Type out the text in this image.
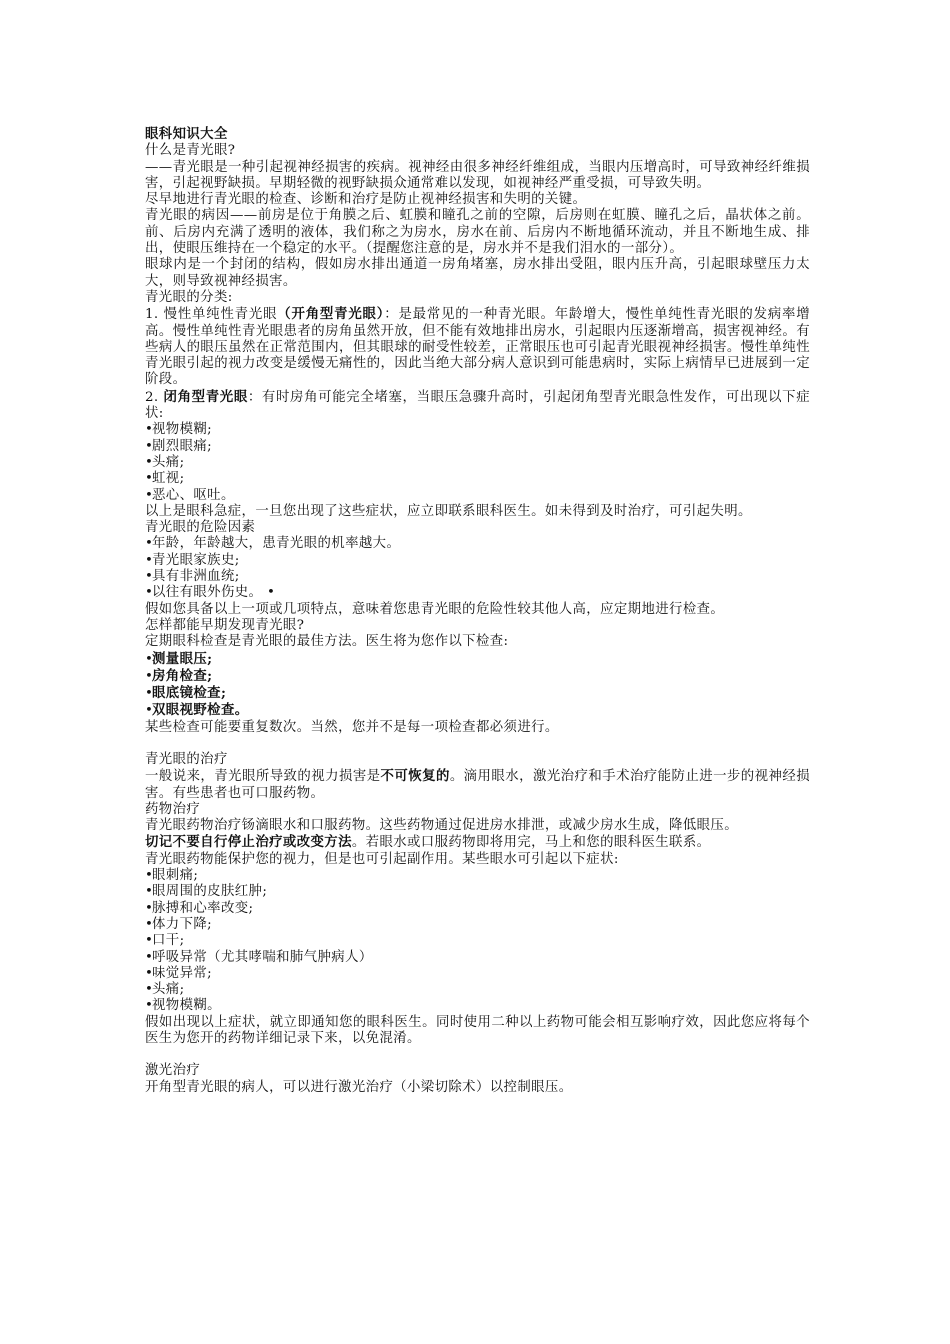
眼科知识大全

什么是青光眼?

——青光眼是一种引起视神经损害的疾病。视神经由很多神经纤维组成，当眼内压增高时，可导致神经纤维损害，引起视野缺损。早期轻微的视野缺损众通常难以发现，如视神经严重受损，可导致失明。

尽早地进行青光眼的检查、诊断和治疗是防止视神经损害和失明的关键。

青光眼的病因——前房是位于角膜之后、虹膜和瞳孔之前的空隙，后房则在虹膜、瞳孔之后，晶状体之前。前、后房内充满了透明的液体，我们称之为房水，房水在前、后房内不断地循环流动，并且不断地生成、排出，使眼压维持在一个稳定的水平。（提醒您注意的是，房水并不是我们泪水的一部分）。

眼球内是一个封闭的结构，假如房水排出通道一房角堵塞，房水排出受阻，眼内压升高，引起眼球壁压力太大，则导致视神经损害。

青光眼的分类:

1. 慢性单纯性青光眼（开角型青光眼）：是最常见的一种青光眼。年龄增大，慢性单纯性青光眼的发病率增高。慢性单纯性青光眼患者的房角虽然开放，但不能有效地排出房水，引起眼内压逐渐增高，损害视神经。有些病人的眼压虽然在正常范围内，但其眼球的耐受性较差，正常眼压也可引起青光眼视神经损害。慢性单纯性青光眼引起的视力改变是缓慢无痛性的，因此当绝大部分病人意识到可能患病时，实际上病情早已进展到一定阶段。

2. 闭角型青光眼：有时房角可能完全堵塞，当眼压急骤升高时，引起闭角型青光眼急性发作，可出现以下症状:

• 视物模糊;

• 剧烈眼痛;

• 头痛;

• 虹视;

• 恶心、呕吐。

以上是眼科急症，一旦您出现了这些症状，应立即联系眼科医生。如未得到及时治疗，可引起失明。

青光眼的危险因素

• 年龄，年龄越大，患青光眼的机率越大。

• 青光眼家族史;

• 具有非洲血统;

• 以往有眼外伤史。 •

假如您具备以上一项或几项特点，意味着您患青光眼的危险性较其他人高，应定期地进行检查。

怎样都能早期发现青光眼?

定期眼科检查是青光眼的最佳方法。医生将为您作以下检查:

• 测量眼压;

• 房角检查;

• 眼底镜检查;

• 双眼视野检查。

某些检查可能要重复数次。当然，您并不是每一项检查都必须进行。

青光眼的治疗

一般说来，青光眼所导致的视力损害是不可恢复的。滴用眼水，激光治疗和手术治疗能防止进一步的视神经损害。有些患者也可口服药物。

药物治疗

青光眼药物治疗钖滴眼水和口服药物。这些药物通过促进房水排泄，或减少房水生成，降低眼压。

切记不要自行停止治疗或改变方法。若眼水或口服药物即将用完，马上和您的眼科医生联系。

青光眼药物能保护您的视力，但是也可引起副作用。某些眼水可引起以下症状:

• 眼刺痛;

• 眼周围的皮肤红肿;

• 脉搏和心率改变;

• 体力下降;

• 口干;

• 呼吸异常（尤其哮喘和肺气肿病人）

• 味觉异常;

• 头痛;

• 视物模糊。

假如出现以上症状，就立即通知您的眼科医生。同时使用二种以上药物可能会相互影响疗效，因此您应将每个医生为您开的药物详细记录下来，以免混淆。

激光治疗

开角型青光眼的病人，可以进行激光治疗（小梁切除术）以控制眼压。
